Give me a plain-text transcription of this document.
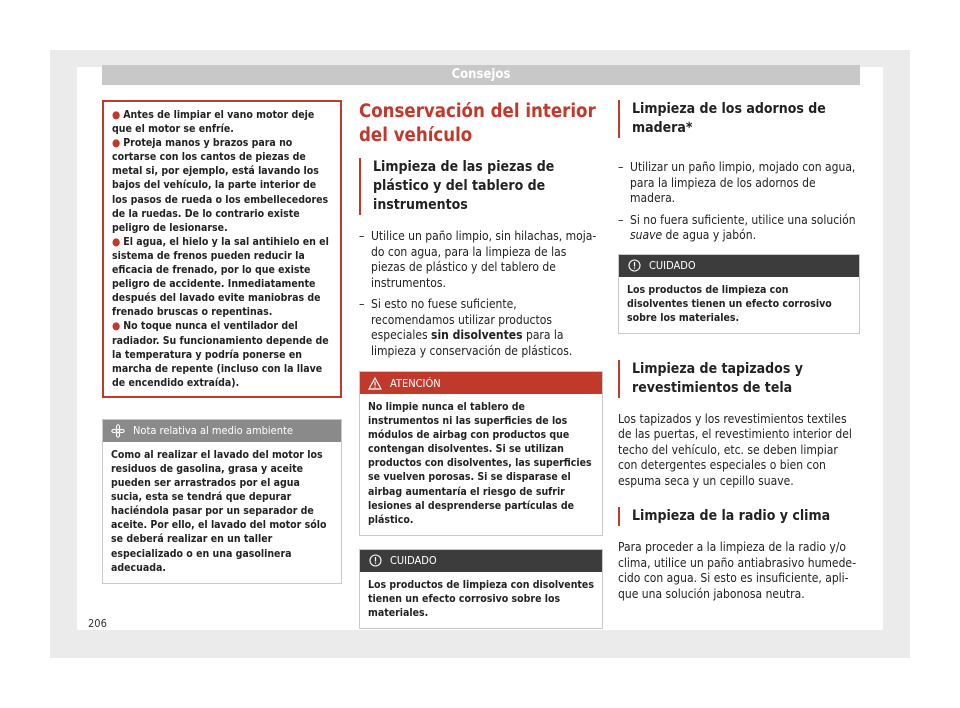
Consejos

● Antes de limpiar el vano motor deje que el motor se enfríe.

● Proteja manos y brazos para no cortarse con los cantos de piezas de metal si, por ejemplo, está lavando los bajos del vehículo, la parte interior de los pasos de rueda o los embellecedores de la ruedas. De lo contrario existe peligro de lesionarse.

● El agua, el hielo y la sal antihielo en el sistema de frenos pueden reducir la eficacia de frenado, por lo que existe peligro de accidente. Inmediatamente después del lavado evite maniobras de frenado bruscas o repentinas.

● No toque nunca el ventilador del radiador. Su funcionamiento depende de la temperatura y podría ponerse en marcha de repente (incluso con la llave de encendido extraída).

Nota relativa al medio ambiente
Como al realizar el lavado del motor los residuos de gasolina, grasa y aceite pueden ser arrastrados por el agua sucia, esta se tendrá que depurar haciéndola pasar por un separador de aceite. Por ello, el lavado del motor sólo se deberá realizar en un taller especializado o en una gasolinera adecuada.
Conservación del interior del vehículo
Limpieza de las piezas de plástico y del tablero de instrumentos
– Utilice un paño limpio, sin hilachas, mojado con agua, para la limpieza de las piezas de plástico y del tablero de instrumentos.
– Si esto no fuese suficiente, recomendamos utilizar productos especiales sin disolventes para la limpieza y conservación de plásticos.
ATENCIÓN
No limpie nunca el tablero de instrumentos ni las superficies de los módulos de airbag con productos que contengan disolventes. Si se utilizan productos con disolventes, las superficies se vuelven porosas. Si se disparase el airbag aumentaría el riesgo de sufrir lesiones al desprenderse partículas de plástico.
CUIDADO
Los productos de limpieza con disolventes tienen un efecto corrosivo sobre los materiales.
Limpieza de los adornos de madera*
– Utilizar un paño limpio, mojado con agua, para la limpieza de los adornos de madera.
– Si no fuera suficiente, utilice una solución suave de agua y jabón.
CUIDADO
Los productos de limpieza con disolventes tienen un efecto corrosivo sobre los materiales.
Limpieza de tapizados y revestimientos de tela

Los tapizados y los revestimientos textiles de las puertas, el revestimiento interior del techo del vehículo, etc. se deben limpiar con detergentes especiales o bien con espuma seca y un cepillo suave.

Limpieza de la radio y clima

Para proceder a la limpieza de la radio y/o clima, utilice un paño antiabrasivo humedecido con agua. Si esto es insuficiente, aplique una solución jabonosa neutra.

206
